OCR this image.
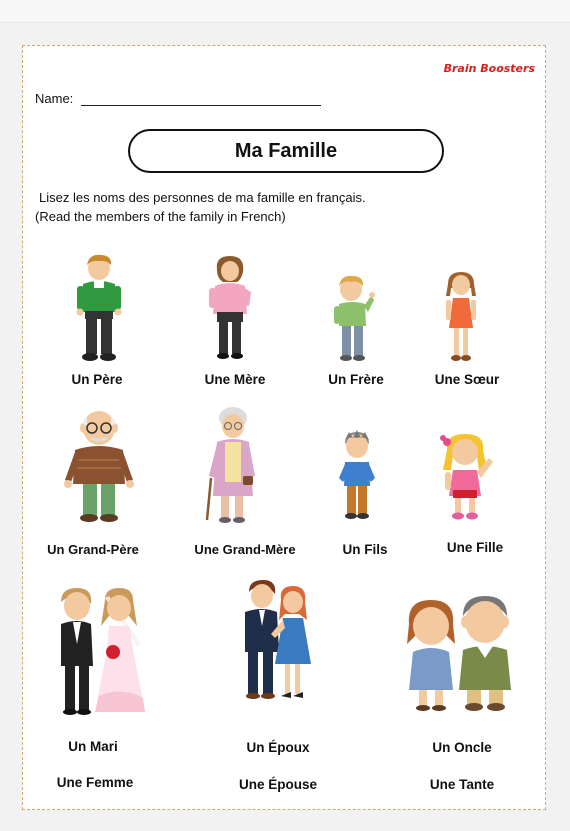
Brain Boosters
Name:
Ma Famille
Lisez les noms des personnes de ma famille en français.
(Read the members of the family in French)
Un Père	Une Mère	Un Frère	Une Sœur
Un Grand-Père	Une Grand-Mère	Un Fils	Une Fille
Un Mari
Une Femme
Un Époux
Une Épouse
Un Oncle
Une Tante
